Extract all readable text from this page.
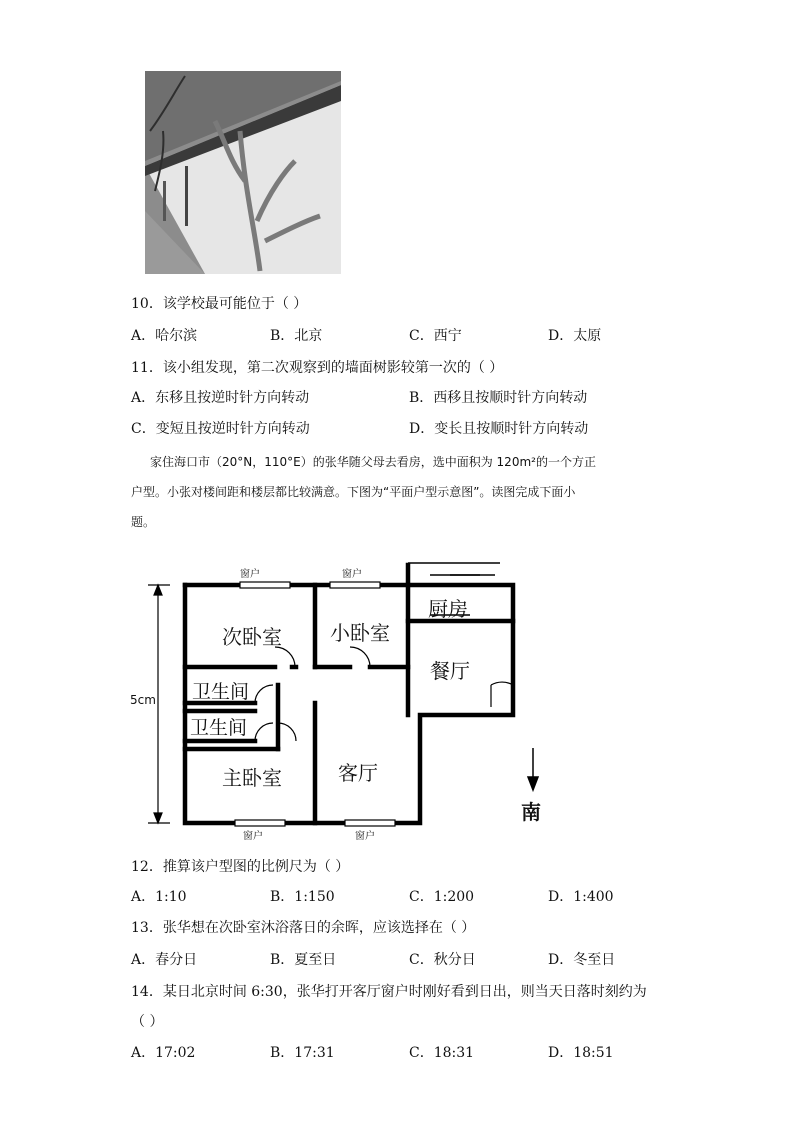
10．该学校最可能位于（ ）
A．哈尔滨	B．北京	C．西宁	D．太原
11．该小组发现，第二次观察到的墙面树影较第一次的（ ）
A．东移且按逆时针方向转动	B．西移且按顺时针方向转动
C．变短且按逆时针方向转动	D．变长且按顺时针方向转动
家住海口市（20°N，110°E）的张华随父母去看房，选中面积为 120m²的一个方正
户型。小张对楼间距和楼层都比较满意。下图为“平面户型示意图”。读图完成下面小
题。
窗户	窗户
窗户	窗户
次卧室 小卧室
厨房
餐厅
卫生间
卫生间
主卧室	客厅
5cm
南
12．推算该户型图的比例尺为（ ）
A．1:10	B．1:150	C．1:200	D．1:400
13．张华想在次卧室沐浴落日的余晖，应该选择在（ ）
A．春分日	B．夏至日	C．秋分日	D．冬至日
14．某日北京时间 6:30，张华打开客厅窗户时刚好看到日出，则当天日落时刻约为
（ ）
A．17:02	B．17:31	C．18:31	D．18:51
